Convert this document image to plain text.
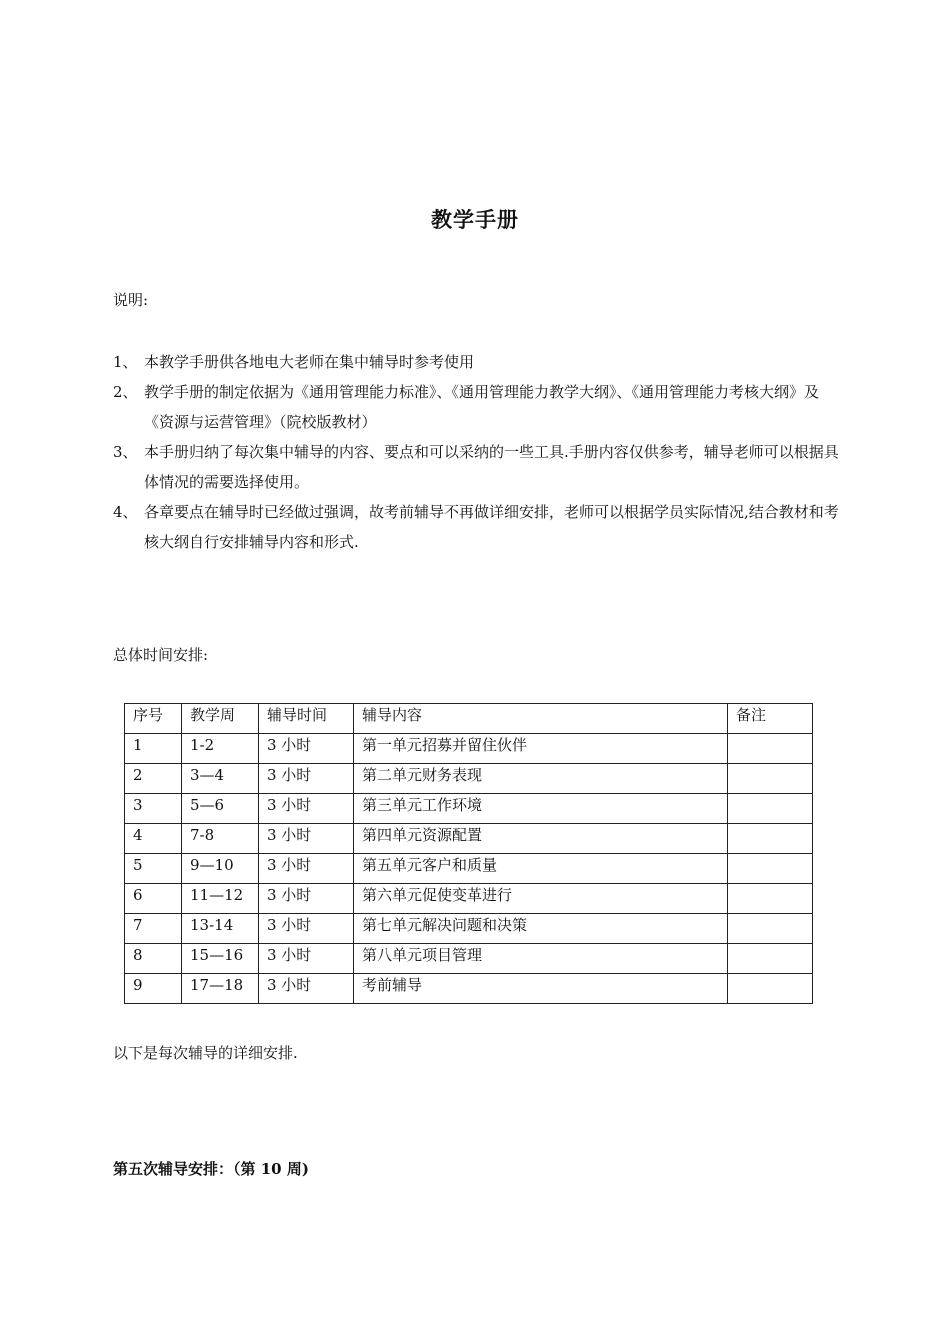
教学手册

说明:

1、 本教学手册供各地电大老师在集中辅导时参考使用
2、 教学手册的制定依据为《通用管理能力标准》、《通用管理能力教学大纲》、《通用管理能力考核大纲》及《资源与运营管理》（院校版教材）
3、 本手册归纳了每次集中辅导的内容、要点和可以采纳的一些工具.手册内容仅供参考，辅导老师可以根据具体情况的需要选择使用。
4、 各章要点在辅导时已经做过强调，故考前辅导不再做详细安排，老师可以根据学员实际情况,结合教材和考核大纲自行安排辅导内容和形式.

总体时间安排:

序号	教学周	辅导时间	辅导内容	备注
1	1-2	3 小时	第一单元招募并留住伙伴	
2	3—4	3 小时	第二单元财务表现	
3	5—6	3 小时	第三单元工作环境	
4	7-8	3 小时	第四单元资源配置	
5	9—10	3 小时	第五单元客户和质量	
6	11—12	3 小时	第六单元促使变革进行	
7	13-14	3 小时	第七单元解决问题和决策	
8	15—16	3 小时	第八单元项目管理	
9	17—18	3 小时	考前辅导	

以下是每次辅导的详细安排.

第五次辅导安排：（第 10 周)
